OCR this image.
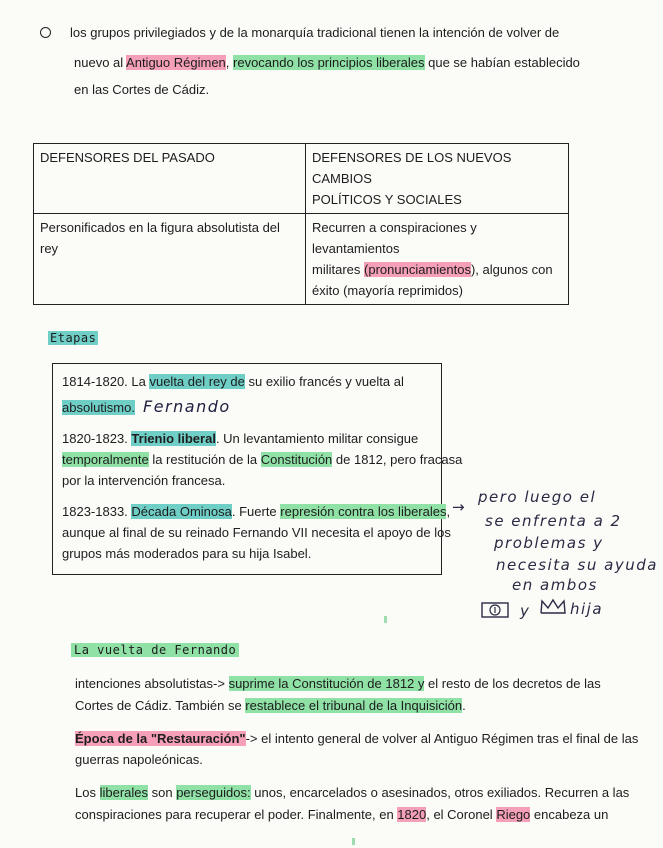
los grupos privilegiados y de la monarquía tradicional tienen la intención de volver de
nuevo al Antiguo Régimen, revocando los principios liberales que se habían establecido
en las Cortes de Cádiz.
DEFENSORES DEL PASADO	DEFENSORES DE LOS NUEVOS CAMBIOS
POLÍTICOS Y SOCIALES

Personificados en la figura absolutista del rey	Recurren a conspiraciones y levantamientos
militares (pronunciamientos), algunos con
éxito (mayoría reprimidos)
Etapas
1814-1820. La vuelta del rey de su exilio francés y vuelta al
absolutismo. Fernando
1820-1823. Trienio liberal. Un levantamiento militar consigue
temporalmente la restitución de la Constitución de 1812, pero fracasa
por la intervención francesa.
1823-1833. Década Ominosa. Fuerte represión contra los liberales,
aunque al final de su reinado Fernando VII necesita el apoyo de los
grupos más moderados para su hija Isabel.
→
pero luego el
se enfrenta a 2
problemas y
necesita su ayuda
en ambos
y	hija
La vuelta de Fernando
intenciones absolutistas-> suprime la Constitución de 1812 y el resto de los decretos de las
Cortes de Cádiz. También se restablece el tribunal de la Inquisición.
Época de la "Restauración"-> el intento general de volver al Antiguo Régimen tras el final de las
guerras napoleónicas.
Los liberales son perseguidos: unos, encarcelados o asesinados, otros exiliados. Recurren a las
conspiraciones para recuperar el poder. Finalmente, en 1820, el Coronel Riego encabeza un
